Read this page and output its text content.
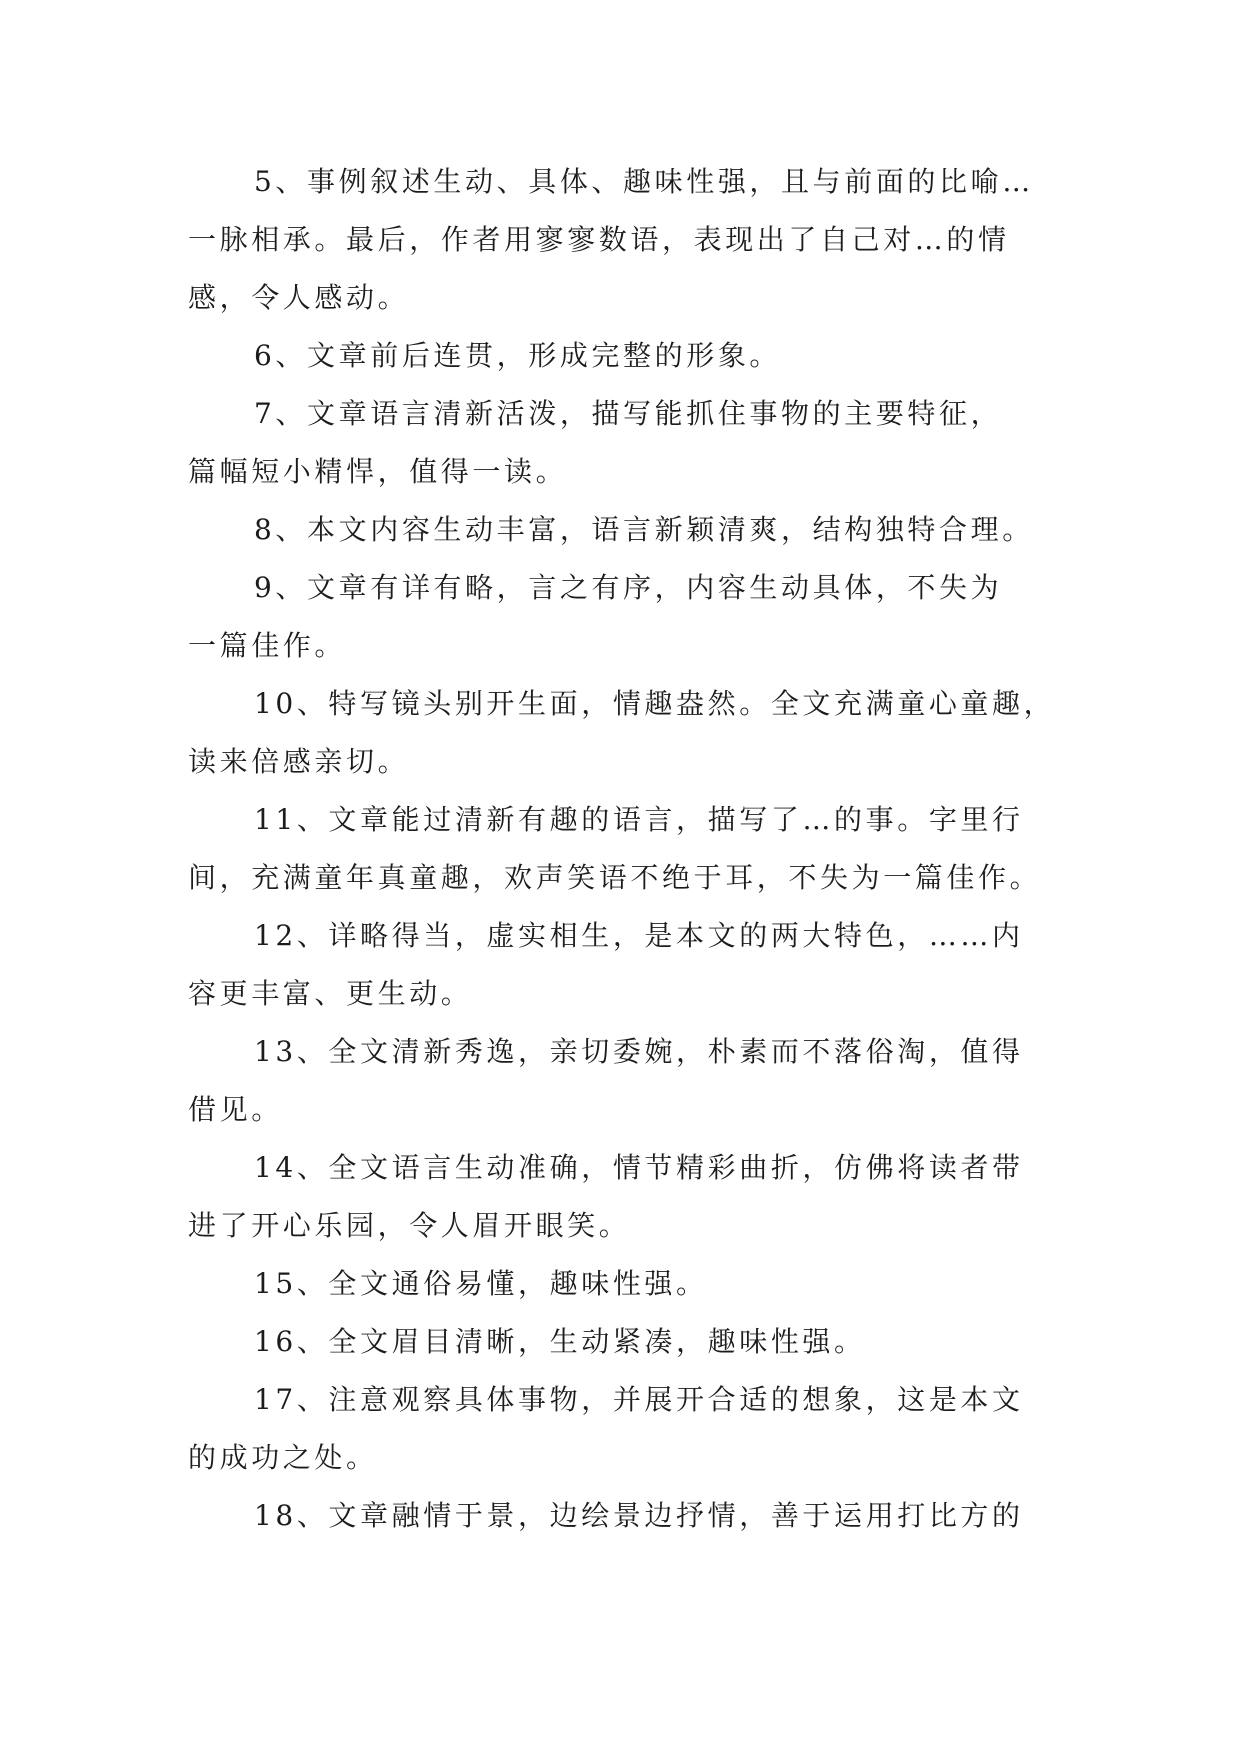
5、事例叙述生动、具体、趣味性强，且与前面的比喻…
一脉相承。最后，作者用寥寥数语，表现出了自己对…的情
感，令人感动。

6、文章前后连贯，形成完整的形象。

7、文章语言清新活泼，描写能抓住事物的主要特征，
篇幅短小精悍，值得一读。

8、本文内容生动丰富，语言新颖清爽，结构独特合理。

9、文章有详有略，言之有序，内容生动具体，不失为
一篇佳作。

10、特写镜头别开生面，情趣盎然。全文充满童心童趣，
读来倍感亲切。

11、文章能过清新有趣的语言，描写了…的事。字里行
间，充满童年真童趣，欢声笑语不绝于耳，不失为一篇佳作。

12、详略得当，虚实相生，是本文的两大特色，……内
容更丰富、更生动。

13、全文清新秀逸，亲切委婉，朴素而不落俗淘，值得
借见。

14、全文语言生动准确，情节精彩曲折，仿佛将读者带
进了开心乐园，令人眉开眼笑。

15、全文通俗易懂，趣味性强。

16、全文眉目清晰，生动紧凑，趣味性强。

17、注意观察具体事物，并展开合适的想象，这是本文
的成功之处。

18、文章融情于景，边绘景边抒情，善于运用打比方的
